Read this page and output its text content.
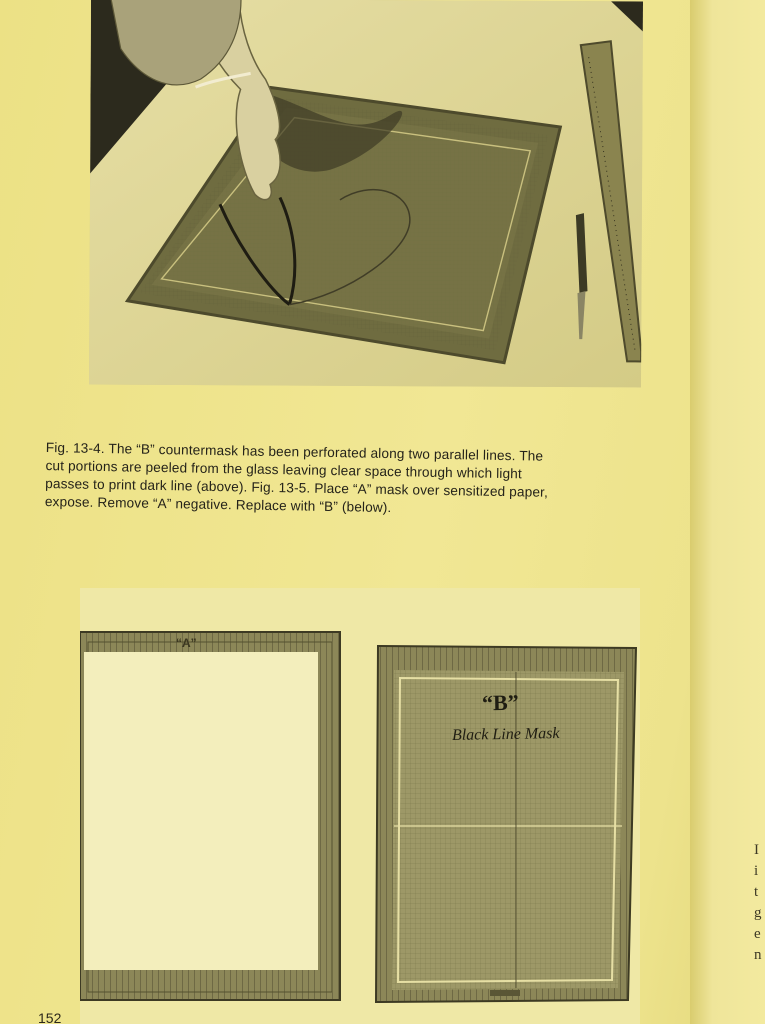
I
i
t
g
e
n
Fig. 13-4. The “B” countermask has been perforated along two parallel lines. The
cut portions are peeled from the glass leaving clear space through which light
passes to print dark line (above). Fig. 13-5. Place “A” mask over sensitized paper,
expose. Remove “A” negative. Replace with “B” (below).
“A”
“B”
Black Line Mask
152
